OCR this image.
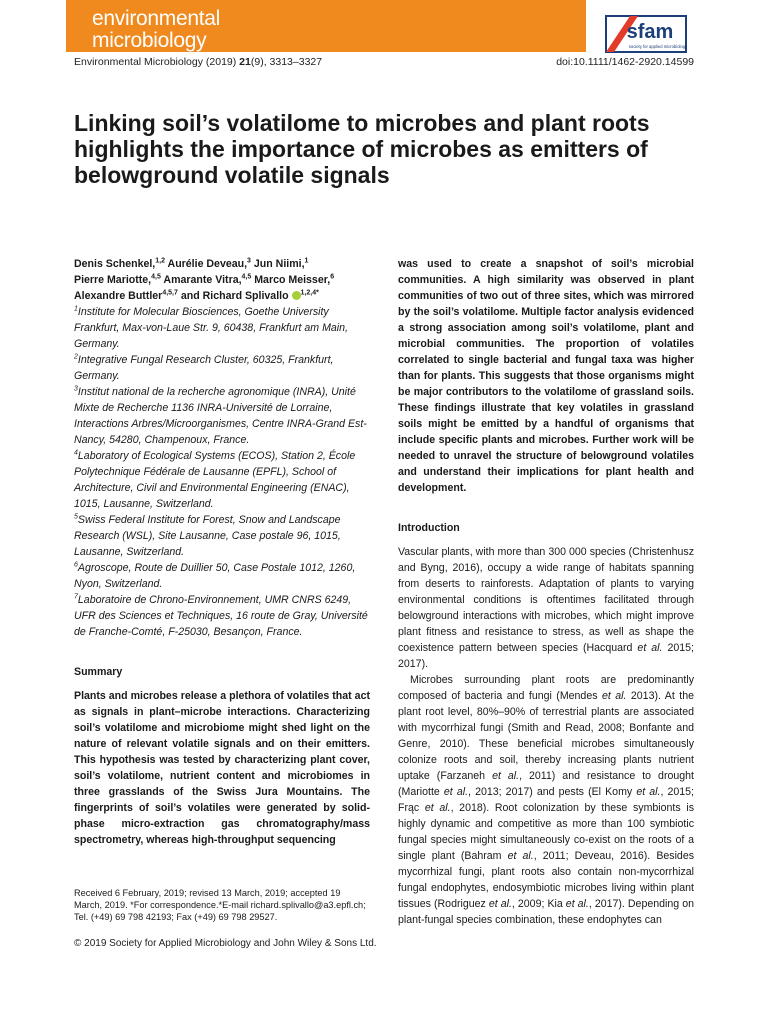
environmental
microbiology	sfam
society for applied microbiology
Environmental Microbiology (2019) 21(9), 3313–3327	doi:10.1111/1462-2920.14599
Linking soil’s volatilome to microbes and plant roots highlights the importance of microbes as emitters of belowground volatile signals
Denis Schenkel,$^{1,2}$ Aurélie Deveau,$^3$ Jun Niimi,$^1$
Pierre Mariotte,$^{4,5}$ Amarante Vitra,$^{4,5}$ Marco Meisser,$^6$
Alexandre Buttler$^{4,5,7}$ and Richard Splivallo $^{1,2,4*}$
$^1$Institute for Molecular Biosciences, Goethe University Frankfurt, Max-von-Laue Str. 9, 60438, Frankfurt am Main, Germany.
$^2$Integrative Fungal Research Cluster, 60325, Frankfurt, Germany.
$^3$Institut national de la recherche agronomique (INRA), Unité Mixte de Recherche 1136 INRA-Université de Lorraine, Interactions Arbres/Microorganismes, Centre INRA-Grand Est-Nancy, 54280, Champenoux, France.
$^4$Laboratory of Ecological Systems (ECOS), Station 2, École Polytechnique Fédérale de Lausanne (EPFL), School of Architecture, Civil and Environmental Engineering (ENAC), 1015, Lausanne, Switzerland.
$^5$Swiss Federal Institute for Forest, Snow and Landscape Research (WSL), Site Lausanne, Case postale 96, 1015, Lausanne, Switzerland.
$^6$Agroscope, Route de Duillier 50, Case Postale 1012, 1260, Nyon, Switzerland.
$^7$Laboratoire de Chrono-Environnement, UMR CNRS 6249, UFR des Sciences et Techniques, 16 route de Gray, Université de Franche-Comté, F-25030, Besançon, France.

Summary

Plants and microbes release a plethora of volatiles that act as signals in plant–microbe interactions. Characterizing soil’s volatilome and microbiome might shed light on the nature of relevant volatile signals and on their emitters. This hypothesis was tested by characterizing plant cover, soil’s volatilome, nutrient content and microbiomes in three grasslands of the Swiss Jura Mountains. The fingerprints of soil’s volatiles were generated by solid-phase micro-extraction gas chromatography/mass spectrometry, whereas high-throughput sequencing

Received 6 February, 2019; revised 13 March, 2019; accepted 19 March, 2019. *For correspondence.*E-mail richard.splivallo@a3.epfl.ch; Tel. (+49) 69 798 42193; Fax (+49) 69 798 29527.
© 2019 Society for Applied Microbiology and John Wiley & Sons Ltd.

was used to create a snapshot of soil’s microbial communities. A high similarity was observed in plant communities of two out of three sites, which was mirrored by the soil’s volatilome. Multiple factor analysis evidenced a strong association among soil’s volatilome, plant and microbial communities. The proportion of volatiles correlated to single bacterial and fungal taxa was higher than for plants. This suggests that those organisms might be major contributors to the volatilome of grassland soils. These findings illustrate that key volatiles in grassland soils might be emitted by a handful of organisms that include specific plants and microbes. Further work will be needed to unravel the structure of belowground volatiles and understand their implications for plant health and development.

Introduction

Vascular plants, with more than 300 000 species (Christenhusz and Byng, 2016), occupy a wide range of habitats spanning from deserts to rainforests. Adaptation of plants to varying environmental conditions is oftentimes facilitated through belowground interactions with microbes, which might improve plant fitness and resistance to stress, as well as shape the coexistence pattern between species (Hacquard et al. 2015; 2017).

Microbes surrounding plant roots are predominantly composed of bacteria and fungi (Mendes et al. 2013). At the plant root level, 80%–90% of terrestrial plants are associated with mycorrhizal fungi (Smith and Read, 2008; Bonfante and Genre, 2010). These beneficial microbes simultaneously colonize roots and soil, thereby increasing plants nutrient uptake (Farzaneh et al., 2011) and resistance to drought (Mariotte et al., 2013; 2017) and pests (El Komy et al., 2015; Frąc et al., 2018). Root colonization by these symbionts is highly dynamic and competitive as more than 100 symbiotic fungal species might simultaneously co-exist on the roots of a single plant (Bahram et al., 2011; Deveau, 2016). Besides mycorrhizal fungi, plant roots also contain non-mycorrhizal fungal endophytes, endosymbiotic microbes living within plant tissues (Rodriguez et al., 2009; Kia et al., 2017). Depending on plant-fungal species combination, these endophytes can
